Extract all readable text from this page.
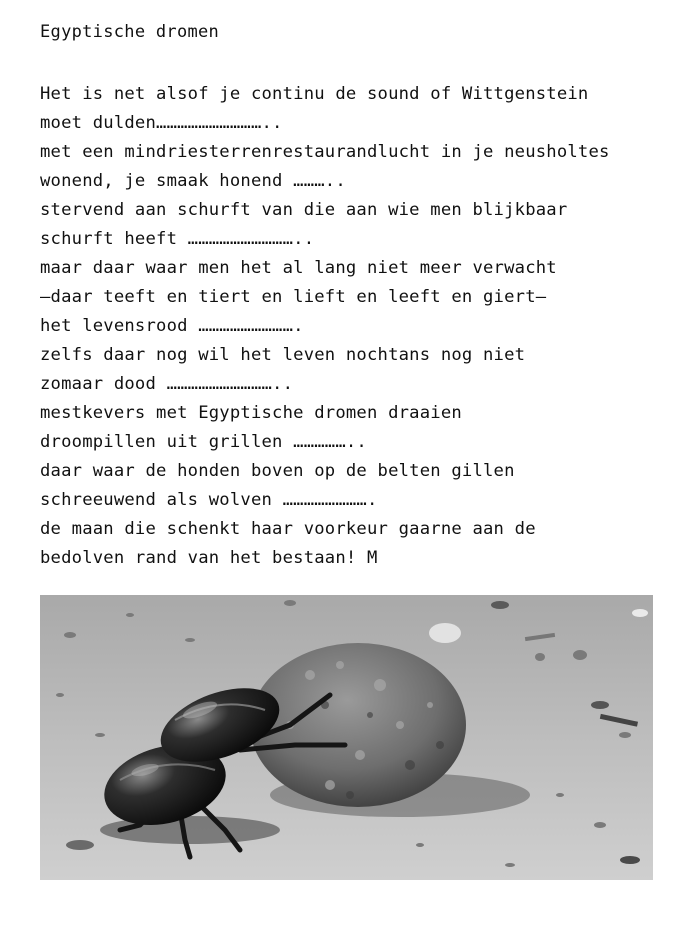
Egyptische dromen
Het is net alsof je continu de sound of Wittgenstein
moet dulden…………………………..
met een mindriesterrenrestaurandlucht in je neusholtes
wonend, je smaak honend ………..
stervend aan schurft van die aan wie men blijkbaar
schurft heeft …………………………..
maar daar waar men het al lang niet meer verwacht
–daar teeft en tiert en lieft en leeft en giert–
het levensrood ……………………….
zelfs daar nog wil het leven nochtans nog niet
zomaar dood …………………………..
mestkevers met Egyptische dromen draaien
droompillen uit grillen ……………..
daar waar de honden boven op de belten gillen
schreeuwend als wolven …………………….
de maan die schenkt haar voorkeur gaarne aan de
bedolven rand van het bestaan! M
